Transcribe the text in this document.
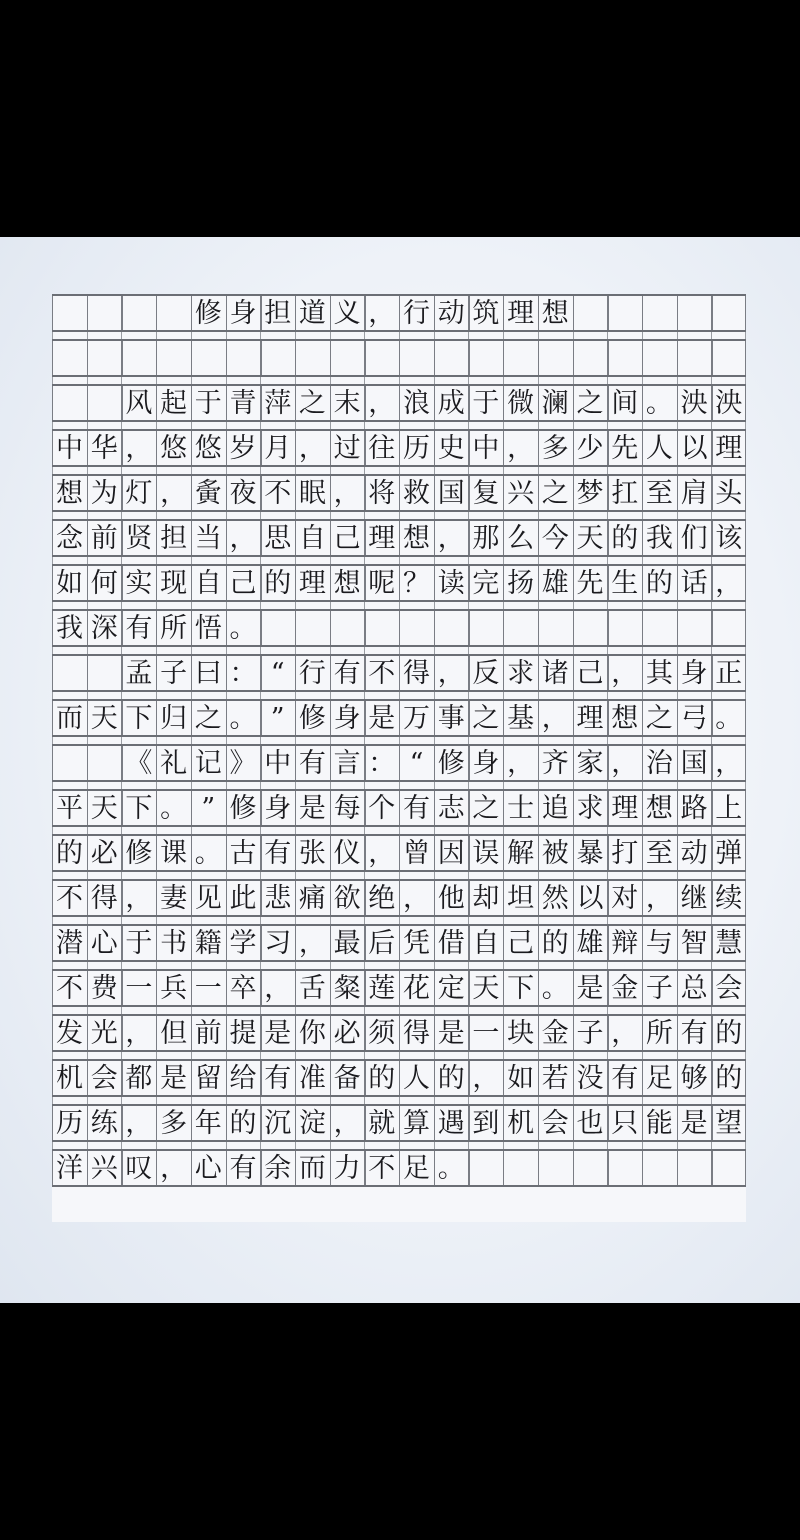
修 身 担 道 义 ， 行 动 筑 理 想
风 起 于 青 萍 之 末 ， 浪 成 于 微 澜 之 间 。 泱 泱
中 华 ， 悠 悠 岁 月 ， 过 往 历 史 中 ， 多 少 先 人 以 理
想 为 灯 ， 夤 夜 不 眠 ， 将 救 国 复 兴 之 梦 扛 至 肩 头
念 前 贤 担 当 ， 思 自 己 理 想 ， 那 么 今 天 的 我 们 该
如 何 实 现 自 己 的 理 想 呢 ？ 读 完 扬 雄 先 生 的 话 ，
我 深 有 所 悟 。
孟 子 曰 ： “ 行 有 不 得 ， 反 求 诸 己 ， 其 身 正
而 天 下 归 之 。 ” 修 身 是 万 事 之 基 ， 理 想 之 弓 。
《 礼 记 》 中 有 言 ： “ 修 身 ， 齐 家 ， 治 国 ，
平 天 下 。 ” 修 身 是 每 个 有 志 之 士 追 求 理 想 路 上
的 必 修 课 。 古 有 张 仪 ， 曾 因 误 解 被 暴 打 至 动 弹
不 得 ， 妻 见 此 悲 痛 欲 绝 ， 他 却 坦 然 以 对 ， 继 续
潜 心 于 书 籍 学 习 ， 最 后 凭 借 自 己 的 雄 辩 与 智 慧
不 费 一 兵 一 卒 ， 舌 粲 莲 花 定 天 下 。 是 金 子 总 会
发 光 ， 但 前 提 是 你 必 须 得 是 一 块 金 子 ， 所 有 的
机 会 都 是 留 给 有 准 备 的 人 的 ， 如 若 没 有 足 够 的
历 练 ， 多 年 的 沉 淀 ， 就 算 遇 到 机 会 也 只 能 是 望
洋 兴 叹 ， 心 有 余 而 力 不 足 。
